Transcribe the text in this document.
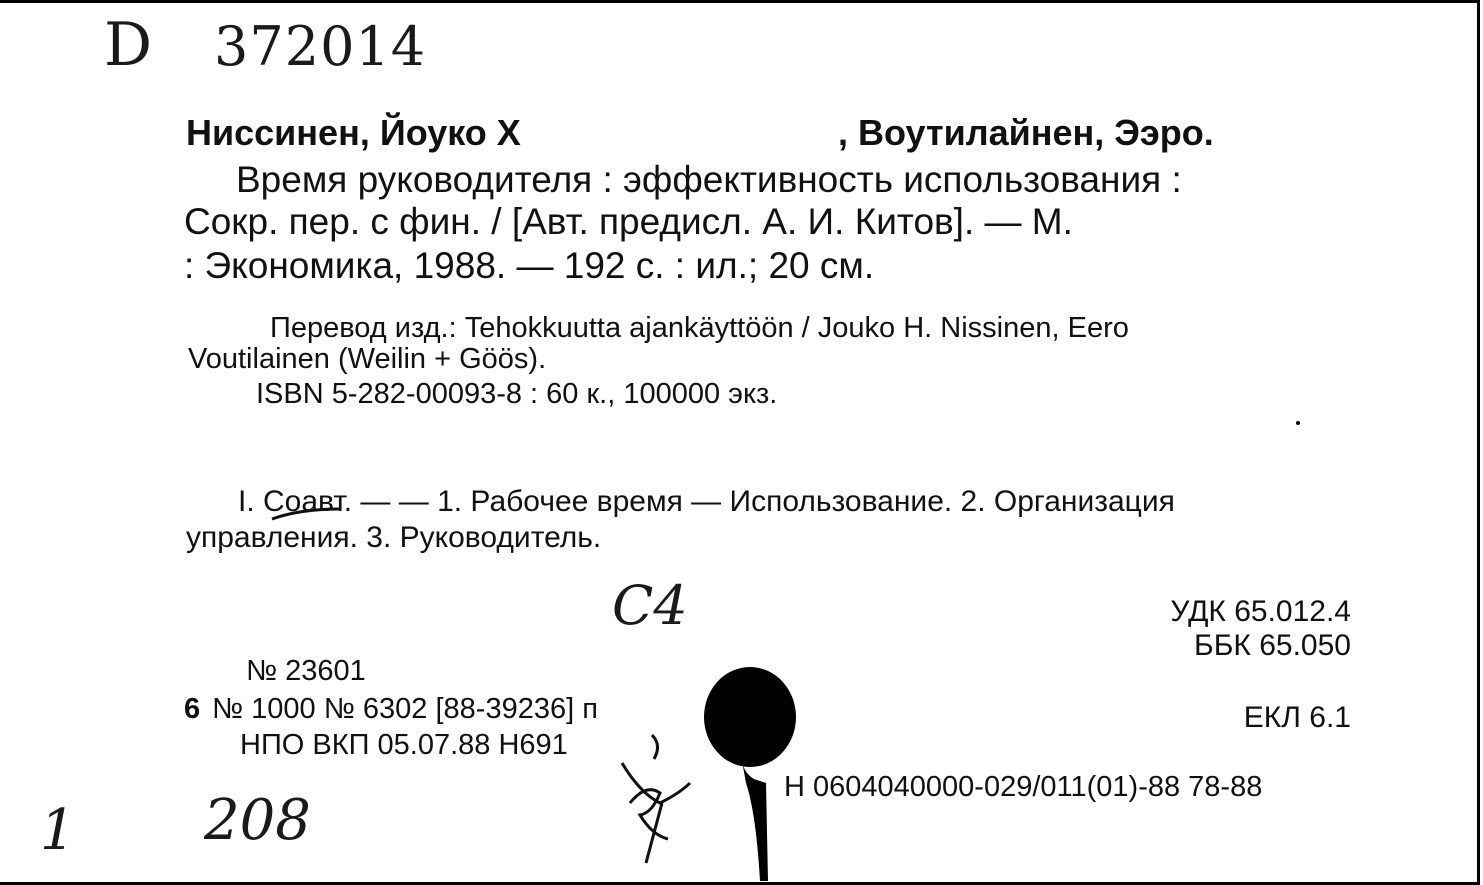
D 372014
Ниссинен, Йоуко Х	, Воутилайнен, Ээро.
Время руководителя : эффективность использования :
Сокр. пер. с фин. / [Авт. предисл. А. И. Китов]. — М.
: Экономика, 1988. — 192 с. : ил.; 20 см.
Перевод изд.: Tehokkuutta ajankäyttöön / Jouko H. Nissinen, Eero
Voutilainen (Weilin + Göös).
ISBN 5-282-00093-8 : 60 к., 100000 экз.
I. Соавт. — — 1. Рабочее время — Использование. 2. Организация
управления. 3. Руководитель.
УДК 65.012.4
ББК 65.050
ЕКЛ 6.1
№ 23601
6 № 1000 № 6302 [88-39236] п
НПО ВКП 05.07.88 Н691
Н 0604040000-029/011(01)-88 78-88
С4
1 208
